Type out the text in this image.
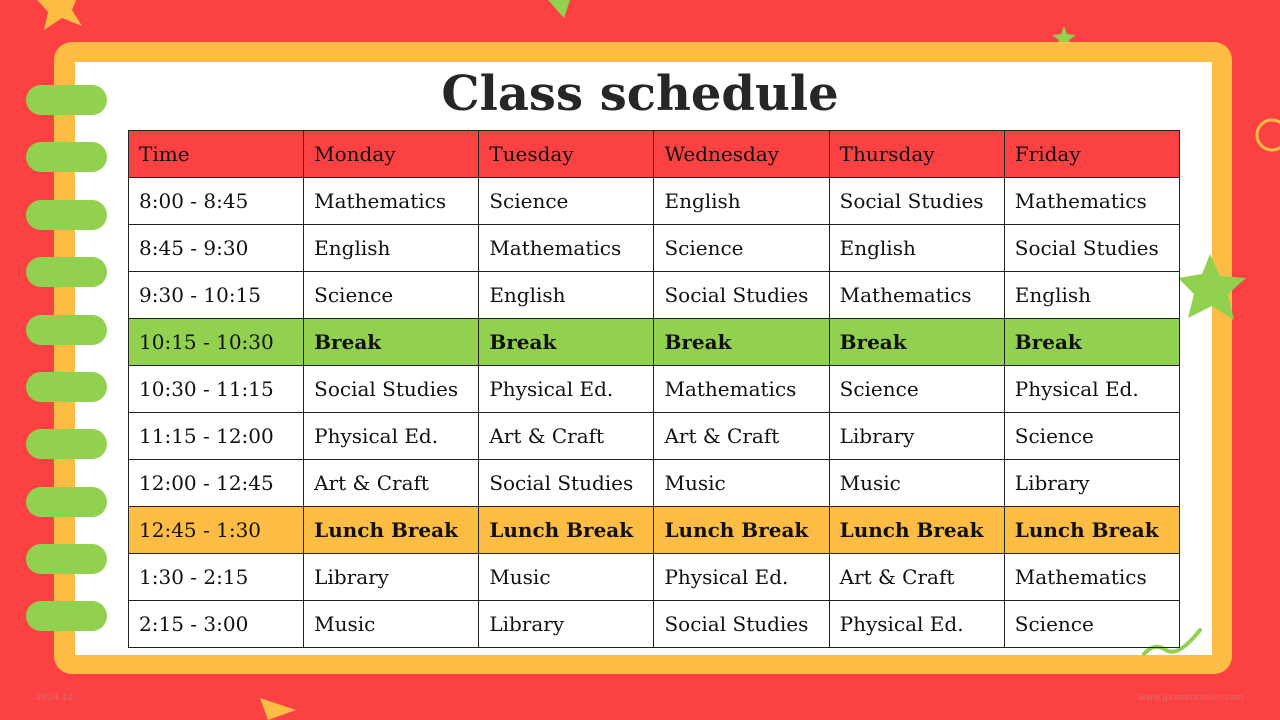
Class schedule
Time	Monday	Tuesday	Wednesday	Thursday	Friday
8:00 - 8:45	Mathematics	Science	English	Social Studies	Mathematics
8:45 - 9:30	English	Mathematics	Science	English	Social Studies
9:30 - 10:15	Science	English	Social Studies	Mathematics	English
10:15 - 10:30	Break	Break	Break	Break	Break
10:30 - 11:15	Social Studies	Physical Ed.	Mathematics	Science	Physical Ed.
11:15 - 12:00	Physical Ed.	Art & Craft	Art & Craft	Library	Science
12:00 - 12:45	Art & Craft	Social Studies	Music	Music	Library
12:45 - 1:30	Lunch Break	Lunch Break	Lunch Break	Lunch Break	Lunch Break
1:30 - 2:15	Library	Music	Physical Ed.	Art & Craft	Mathematics
2:15 - 3:00	Music	Library	Social Studies	Physical Ed.	Science
2024.10	www.jpresentation.com
